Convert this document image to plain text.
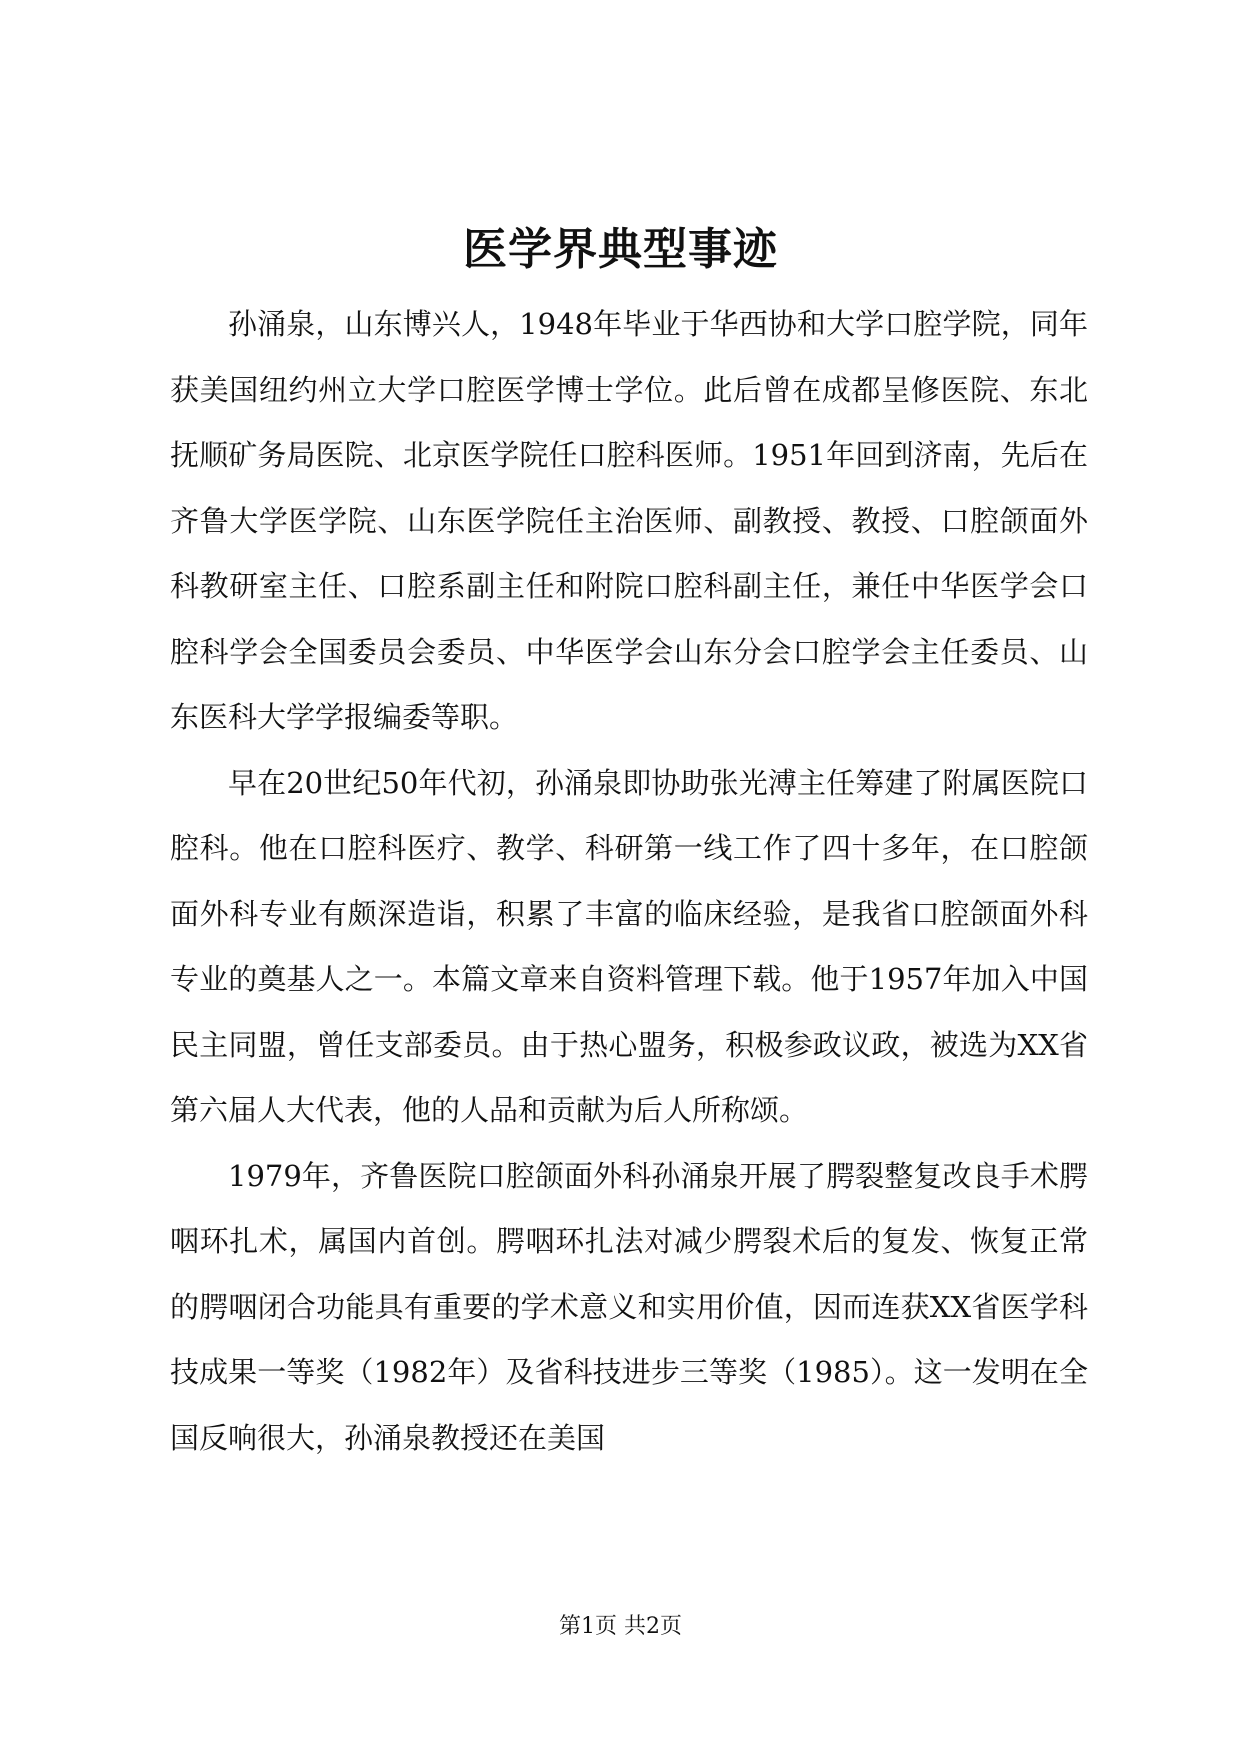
医学界典型事迹

孙涌泉，山东博兴人，1948年毕业于华西协和大学口腔学院，同年获美国纽约州立大学口腔医学博士学位。此后曾在成都呈修医院、东北抚顺矿务局医院、北京医学院任口腔科医师。1951年回到济南，先后在齐鲁大学医学院、山东医学院任主治医师、副教授、教授、口腔颌面外科教研室主任、口腔系副主任和附院口腔科副主任，兼任中华医学会口腔科学会全国委员会委员、中华医学会山东分会口腔学会主任委员、山东医科大学学报编委等职。

早在20世纪50年代初，孙涌泉即协助张光溥主任筹建了附属医院口腔科。他在口腔科医疗、教学、科研第一线工作了四十多年，在口腔颌面外科专业有颇深造诣，积累了丰富的临床经验，是我省口腔颌面外科专业的奠基人之一。本篇文章来自资料管理下载。他于1957年加入中国民主同盟，曾任支部委员。由于热心盟务，积极参政议政，被选为XX省第六届人大代表，他的人品和贡献为后人所称颂。

1979年，齐鲁医院口腔颌面外科孙涌泉开展了腭裂整复改良手术腭咽环扎术，属国内首创。腭咽环扎法对减少腭裂术后的复发、恢复正常的腭咽闭合功能具有重要的学术意义和实用价值，因而连获XX省医学科技成果一等奖（1982年）及省科技进步三等奖（1985）。这一发明在全国反响很大，孙涌泉教授还在美国

第1页 共2页
